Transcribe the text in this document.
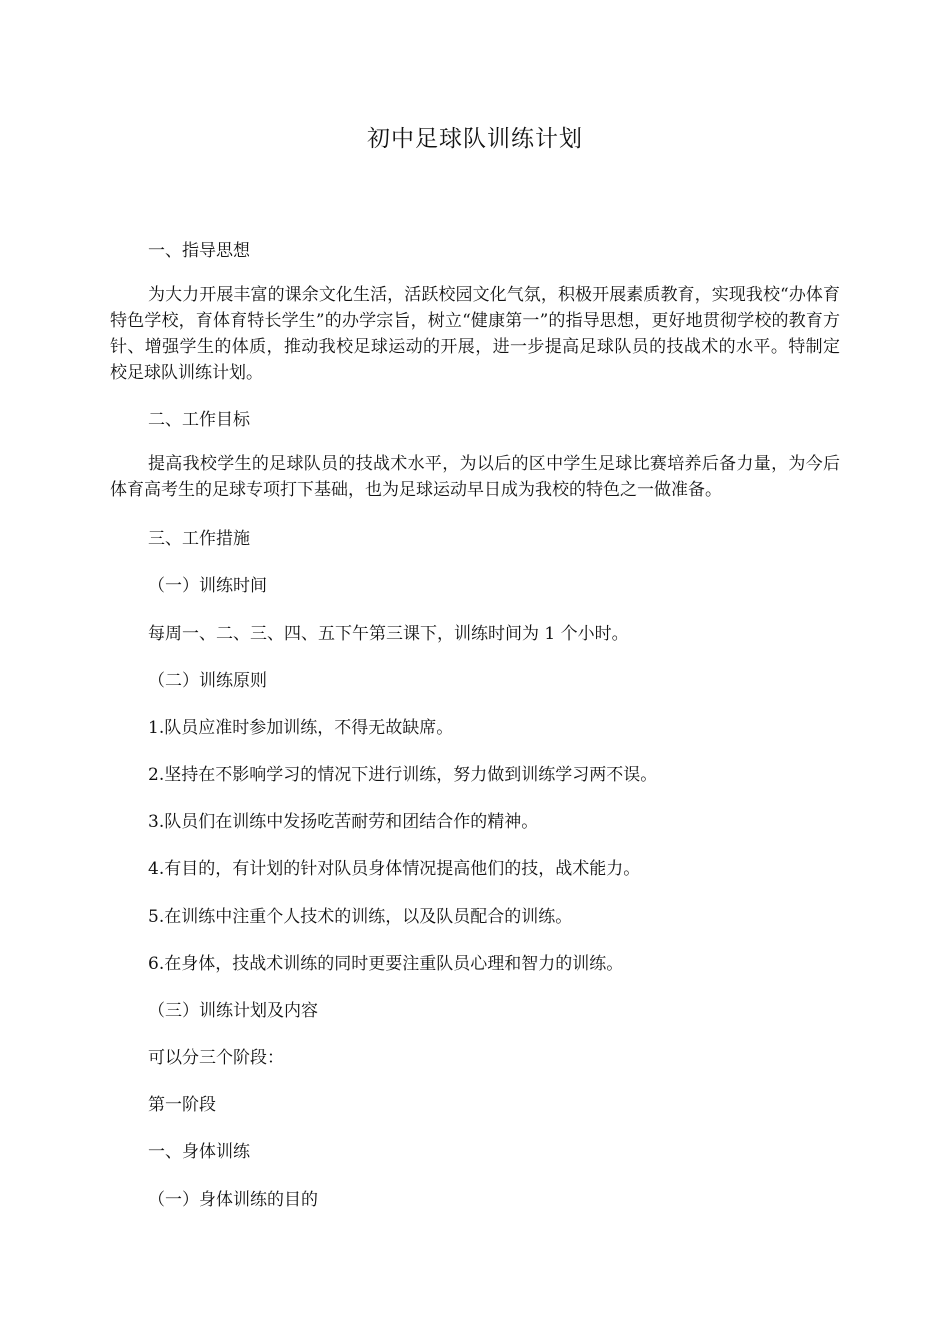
初中足球队训练计划
一、指导思想
为大力开展丰富的课余文化生活，活跃校园文化气氛，积极开展素质教育，实现我校“办体育特色学校，育体育特长学生”的办学宗旨，树立“健康第一”的指导思想，更好地贯彻学校的教育方针、增强学生的体质，推动我校足球运动的开展，进一步提高足球队员的技战术的水平。特制定校足球队训练计划。
二、工作目标
提高我校学生的足球队员的技战术水平，为以后的区中学生足球比赛培养后备力量，为今后体育高考生的足球专项打下基础，也为足球运动早日成为我校的特色之一做准备。
三、工作措施
（一）训练时间
每周一、二、三、四、五下午第三课下，训练时间为 1 个小时。
（二）训练原则
1.队员应准时参加训练，不得无故缺席。
2.坚持在不影响学习的情况下进行训练，努力做到训练学习两不误。
3.队员们在训练中发扬吃苦耐劳和团结合作的精神。
4.有目的，有计划的针对队员身体情况提高他们的技，战术能力。
5.在训练中注重个人技术的训练，以及队员配合的训练。
6.在身体，技战术训练的同时更要注重队员心理和智力的训练。
（三）训练计划及内容
可以分三个阶段：
第一阶段
一、身体训练
（一）身体训练的目的
